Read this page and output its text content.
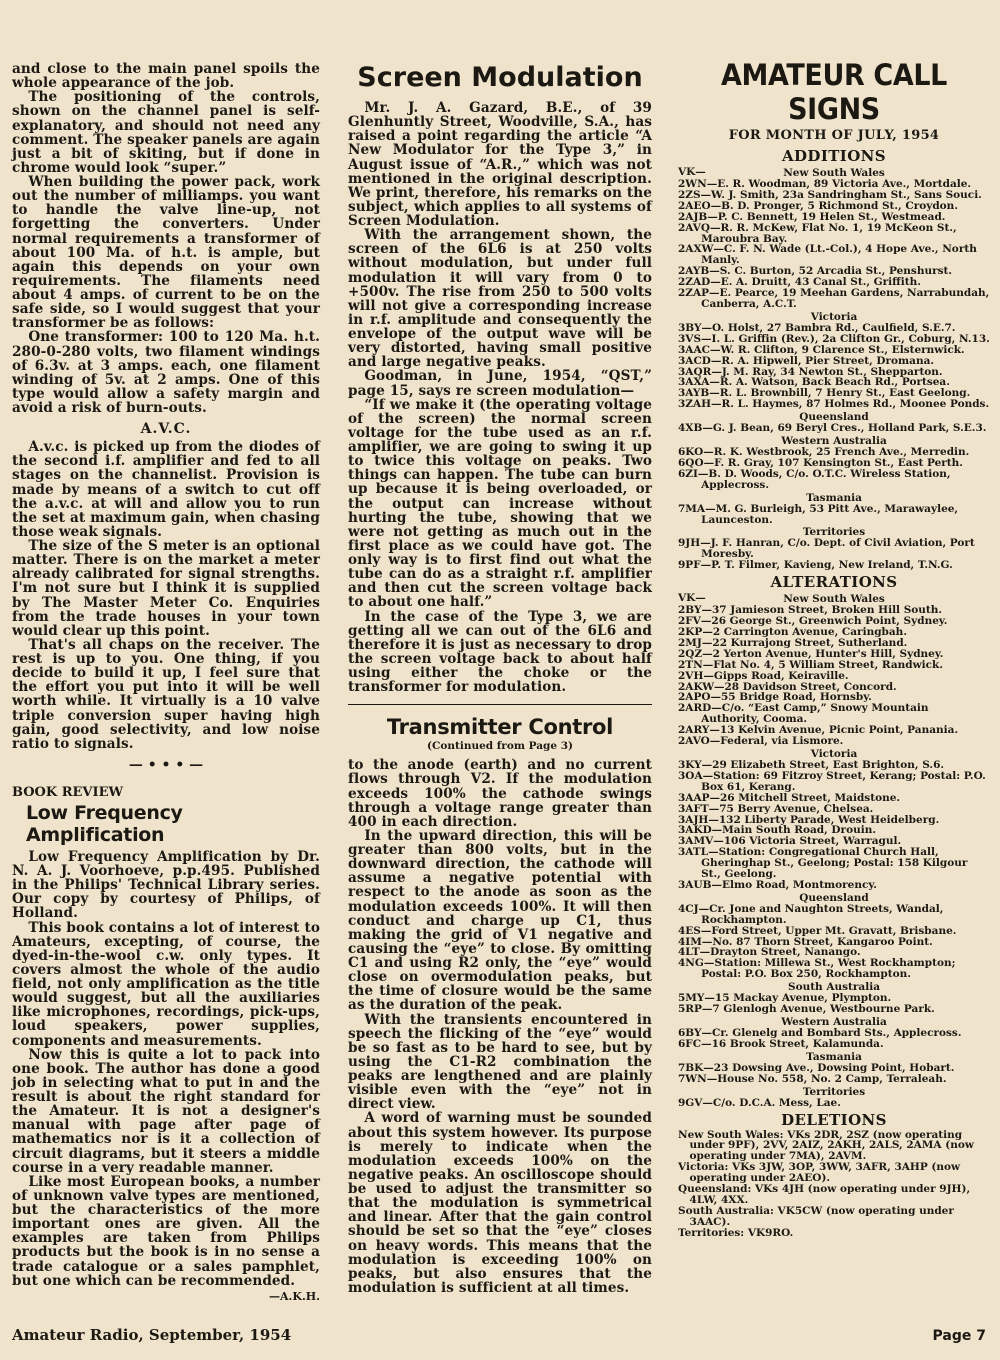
and close to the main panel spoils the whole appearance of the job.

The positioning of the controls, shown on the channel panel is self-explanatory, and should not need any comment. The speaker panels are again just a bit of skiting, but if done in chrome would look “super.”

When building the power pack, work out the number of milliamps. you want to handle the valve line-up, not forgetting the converters. Under normal requirements a transformer of about 100 Ma. of h.t. is ample, but again this depends on your own requirements. The filaments need about 4 amps. of current to be on the safe side, so I would suggest that your transformer be as follows:

One transformer: 100 to 120 Ma. h.t. 280-0-280 volts, two filament windings of 6.3v. at 3 amps. each, one filament winding of 5v. at 2 amps. One of this type would allow a safety margin and avoid a risk of burn-outs.

A.V.C.

A.v.c. is picked up from the diodes of the second i.f. amplifier and fed to all stages on the channelist. Provision is made by means of a switch to cut off the a.v.c. at will and allow you to run the set at maximum gain, when chasing those weak signals.

The size of the S meter is an optional matter. There is on the market a meter already calibrated for signal strengths. I'm not sure but I think it is supplied by The Master Meter Co. Enquiries from the trade houses in your town would clear up this point.

That's all chaps on the receiver. The rest is up to you. One thing, if you decide to build it up, I feel sure that the effort you put into it will be well worth while. It virtually is a 10 valve triple conversion super having high gain, good selectivity, and low noise ratio to signals.

— • • • —
BOOK REVIEW
Low Frequency Amplification

Low Frequency Amplification by Dr. N. A. J. Voorhoeve, p.p.495. Published in the Philips' Technical Library series. Our copy by courtesy of Philips, of Holland.

This book contains a lot of interest to Amateurs, excepting, of course, the dyed-in-the-wool c.w. only types. It covers almost the whole of the audio field, not only amplification as the title would suggest, but all the auxiliaries like microphones, recordings, pick-ups, loud speakers, power supplies, components and measurements.

Now this is quite a lot to pack into one book. The author has done a good job in selecting what to put in and the result is about the right standard for the Amateur. It is not a designer's manual with page after page of mathematics nor is it a collection of circuit diagrams, but it steers a middle course in a very readable manner.

Like most European books, a number of unknown valve types are mentioned, but the characteristics of the more important ones are given. All the examples are taken from Philips products but the book is in no sense a trade catalogue or a sales pamphlet, but one which can be recommended.

—A.K.H.
Screen Modulation

Mr. J. A. Gazard, B.E., of 39 Glenhuntly Street, Woodville, S.A., has raised a point regarding the article “A New Modulator for the Type 3,” in August issue of “A.R.,” which was not mentioned in the original description. We print, therefore, his remarks on the subject, which applies to all systems of Screen Modulation.

With the arrangement shown, the screen of the 6L6 is at 250 volts without modulation, but under full modulation it will vary from 0 to +500v. The rise from 250 to 500 volts will not give a corresponding increase in r.f. amplitude and consequently the envelope of the output wave will be very distorted, having small positive and large negative peaks.

Goodman, in June, 1954, “QST,” page 15, says re screen modulation—

“If we make it (the operating voltage of the screen) the normal screen voltage for the tube used as an r.f. amplifier, we are going to swing it up to twice this voltage on peaks. Two things can happen. The tube can burn up because it is being overloaded, or the output can increase without hurting the tube, showing that we were not getting as much out in the first place as we could have got. The only way is to first find out what the tube can do as a straight r.f. amplifier and then cut the screen voltage back to about one half.”

In the case of the Type 3, we are getting all we can out of the 6L6 and therefore it is just as necessary to drop the screen voltage back to about half using either the choke or the transformer for modulation.

Transmitter Control
(Continued from Page 3)

to the anode (earth) and no current flows through V2. If the modulation exceeds 100% the cathode swings through a voltage range greater than 400 in each direction.

In the upward direction, this will be greater than 800 volts, but in the downward direction, the cathode will assume a negative potential with respect to the anode as soon as the modulation exceeds 100%. It will then conduct and charge up C1, thus making the grid of V1 negative and causing the “eye” to close. By omitting C1 and using R2 only, the “eye” would close on overmodulation peaks, but the time of closure would be the same as the duration of the peak.

With the transients encountered in speech the flicking of the “eye” would be so fast as to be hard to see, but by using the C1-R2 combination the peaks are lengthened and are plainly visible even with the “eye” not in direct view.

A word of warning must be sounded about this system however. Its purpose is merely to indicate when the modulation exceeds 100% on the negative peaks. An oscilloscope should be used to adjust the transmitter so that the modulation is symmetrical and linear. After that the gain control should be set so that the “eye” closes on heavy words. This means that the modulation is exceeding 100% on peaks, but also ensures that the modulation is sufficient at all times.

AMATEUR CALL SIGNS
FOR MONTH OF JULY, 1954
ADDITIONS
VK—	New South Wales
2WN—E. R. Woodman, 89 Victoria Ave., Mortdale.
2ZS—W. J. Smith, 23a Sandringham St., Sans Souci.
2AEO—B. D. Pronger, 5 Richmond St., Croydon.
2AJB—P. C. Bennett, 19 Helen St., Westmead.
2AVQ—R. R. McKew, Flat No. 1, 19 McKeon St., Maroubra Bay.
2AXW—C. F. N. Wade (Lt.-Col.), 4 Hope Ave., North Manly.
2AYB—S. C. Burton, 52 Arcadia St., Penshurst.
2ZAD—E. A. Druitt, 43 Canal St., Griffith.
2ZAP—E. Pearce, 19 Meehan Gardens, Narrabundah, Canberra, A.C.T.
Victoria
3BY—O. Holst, 27 Bambra Rd., Caulfield, S.E.7.
3VS—I. L. Griffin (Rev.), 2a Clifton Gr., Coburg, N.13.
3AAC—W. R. Clifton, 9 Clarence St., Elsternwick.
3ACD—R. A. Hipwell, Pier Street, Dromana.
3AQR—J. M. Ray, 34 Newton St., Shepparton.
3AXA—R. A. Watson, Back Beach Rd., Portsea.
3AYB—R. L. Brownbill, 7 Henry St., East Geelong.
3ZAH—R. L. Haymes, 87 Holmes Rd., Moonee Ponds.
Queensland
4XB—G. J. Bean, 69 Beryl Cres., Holland Park, S.E.3.
Western Australia
6KO—R. K. Westbrook, 25 French Ave., Merredin.
6QO—F. R. Gray, 107 Kensington St., East Perth.
6ZI—B. D. Woods, C/o. O.T.C. Wireless Station, Applecross.
Tasmania
7MA—M. G. Burleigh, 53 Pitt Ave., Marawaylee, Launceston.
Territories
9JH—J. F. Hanran, C/o. Dept. of Civil Aviation, Port Moresby.
9PF—P. T. Filmer, Kavieng, New Ireland, T.N.G.
ALTERATIONS
VK—	New South Wales
2BY—37 Jamieson Street, Broken Hill South.
2FV—26 George St., Greenwich Point, Sydney.
2KP—2 Carrington Avenue, Caringbah.
2MJ—22 Kurrajong Street, Sutherland.
2QZ—2 Yerton Avenue, Hunter's Hill, Sydney.
2TN—Flat No. 4, 5 William Street, Randwick.
2VH—Gipps Road, Keiraville.
2AKW—28 Davidson Street, Concord.
2APO—55 Bridge Road, Hornsby.
2ARD—C/o. “East Camp,” Snowy Mountain Authority, Cooma.
2ARY—13 Kelvin Avenue, Picnic Point, Panania.
2AVO—Federal, via Lismore.
Victoria
3KY—29 Elizabeth Street, East Brighton, S.6.
3OA—Station: 69 Fitzroy Street, Kerang; Postal: P.O. Box 61, Kerang.
3AAP—26 Mitchell Street, Maidstone.
3AFT—75 Berry Avenue, Chelsea.
3AJH—132 Liberty Parade, West Heidelberg.
3AKD—Main South Road, Drouin.
3AMV—106 Victoria Street, Warragul.
3ATL—Station: Congregational Church Hall, Gheringhap St., Geelong; Postal: 158 Kilgour St., Geelong.
3AUB—Elmo Road, Montmorency.
Queensland
4CJ—Cr. Jone and Naughton Streets, Wandal, Rockhampton.
4ES—Ford Street, Upper Mt. Gravatt, Brisbane.
4IM—No. 87 Thorn Street, Kangaroo Point.
4LT—Drayton Street, Nanango.
4NG—Station: Millewa St., West Rockhampton; Postal: P.O. Box 250, Rockhampton.
South Australia
5MY—15 Mackay Avenue, Plympton.
5RP—7 Glenlogh Avenue, Westbourne Park.
Western Australia
6BY—Cr. Glenelg and Bombard Sts., Applecross.
6FC—16 Brook Street, Kalamunda.
Tasmania
7BK—23 Dowsing Ave., Dowsing Point, Hobart.
7WN—House No. 558, No. 2 Camp, Terraleah.
Territories
9GV—C/o. D.C.A. Mess, Lae.
DELETIONS
New South Wales: VKs 2DR, 2SZ (now operating under 9PF), 2VV, 2AIZ, 2AKH, 2ALS, 2AMA (now operating under 7MA), 2AVM.
Victoria: VKs 3JW, 3OP, 3WW, 3AFR, 3AHP (now operating under 2AEO).
Queensland: VKs 4JH (now operating under 9JH), 4LW, 4XX.
South Australia: VK5CW (now operating under 3AAC).
Territories: VK9RO.
Amateur Radio, September, 1954	Page 7
